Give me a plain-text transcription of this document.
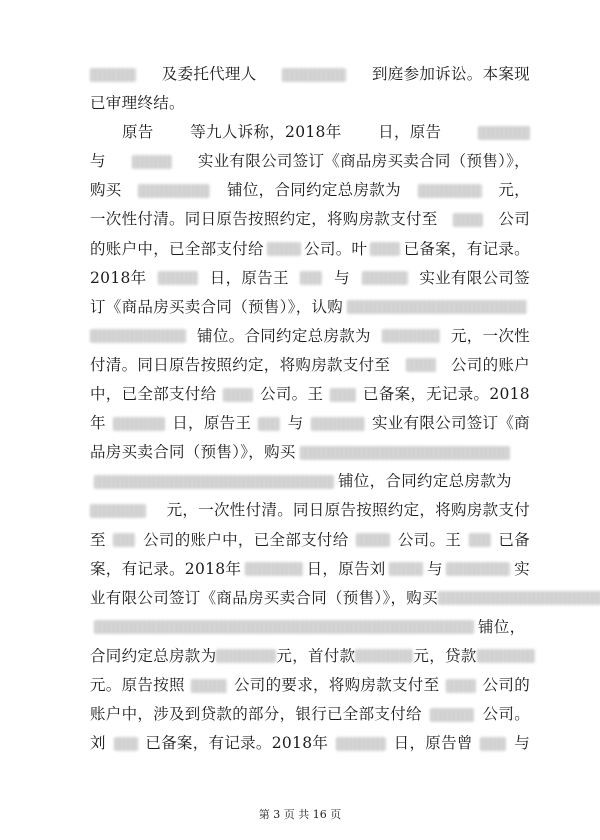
及委托代理人	到庭参加诉讼。本案现
已审理终结。
原告 等九人诉称，2018年 日，原告
与	实业有限公司签订《商品房买卖合同（预售）》，
购买	铺位，合同约定总房款为	元，
一次性付清。同日原告按照约定，将购房款支付至	公司
的账户中，已全部支付给	公司。叶 已备案，有记录。
2018年	日，原告王	与	实业有限公司签
订《商品房买卖合同（预售）》，认购
铺位。合同约定总房款为	元，一次性
付清。同日原告按照约定，将购房款支付至	公司的账户
中，已全部支付给	公司。王	已备案，无记录。2018
年	日，原告王 与	实业有限公司签订《商
品房买卖合同（预售）》，购买
铺位，合同约定总房款为
元，一次性付清。同日原告按照约定，将购房款支付
至 公司的账户中，已全部支付给	公司。王 已备
案，有记录。2018年	日，原告刘	与	实
业有限公司签订《商品房买卖合同（预售）》，购买
铺位，
合同约定总房款为	元，首付款	元，贷款
元。原告按照	公司的要求，将购房款支付至	公司的
账户中，涉及到贷款的部分，银行已全部支付给	公司。
刘	已备案，有记录。2018年	日，原告曾	与
第 3 页 共 16 页
